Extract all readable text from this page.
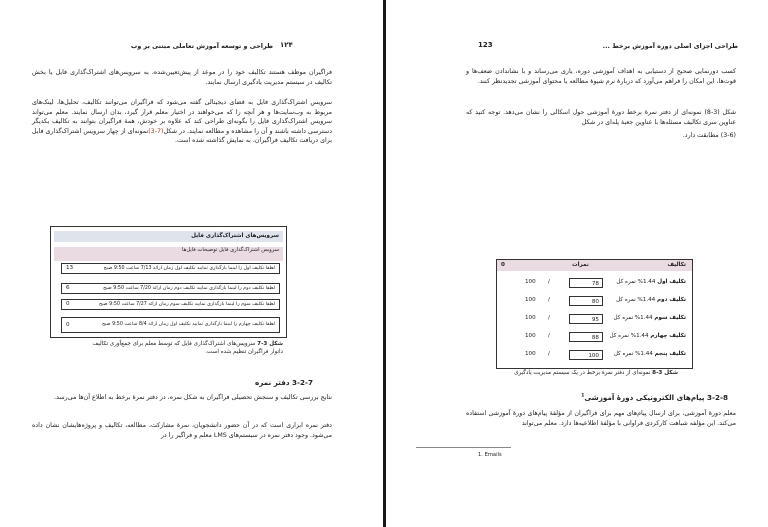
۱۲۴
طراحی و توسعه آموزش تعاملی مبتنی بر وب

فراگیران موظف هستند تکالیف خود را در موعد از پیش‌تعیین‌شده، به سرویس‌های اشتراک‌گذاری فایل یا بخش تکالیف در سیستم مدیریت یادگیری ارسال نمایند.

سرویس اشتراک‌گذاری فایل به فضای دیجیتالی گفته می‌شود که فراگیران می‌توانند تکالیف، تحلیل‌ها، لینک‌های مربوط به وب‌سایت‌ها و هر آنچه را که می‌خواهند در اختیار معلم قرار گیرد، بدان ارسال نمایند. معلم می‌تواند سرویس اشتراک‌گذاری فایل را بگونه‌ای طراحی کند که علاوه بر خودش، همهٔ فراگیران بتوانند به تکالیف یکدیگر دسترسی داشته باشند و آن را مشاهده و مطالعه نمایند. در شکل(7-3)نمونه‌ای از چهار سرویس اشتراک‌گذاری فایل برای دریافت تکالیف فراگیران، به نمایش گذاشته شده است.

سرویس‌های اشتراک‌گذاری فایل
سرویس اشتراک‌گذاری فایل توضیحات فایل‌ها
لطفا تکلیف اول را لینما بارگذاری نمایید تکلیف اول زمان ارائه 7/13 ساعت 9:50 صبح
13
لطفا تکلیف دوم را لینما بارگذاری نمایید تکلیف دوم زمان ارائه 7/20 ساعت 9:50 صبح
6
لطفا تکلیف سوم را لینما بارگذاری نمایید تکلیف سوم زمان ارائه 7/27 ساعت 9:50 صبح
0
لطفا تکلیف چهارم را لینما بارگذاری نمایید تکلیف اول زمان ارائه 8/4 ساعت 9:50 صبح
0
شکل 3-7 سرویس‌های اشتراک‌گذاری فایل که توسط معلم برای جمع‌آوری تکالیف
دانوار فراگیران تنظیم شده است.
3-2-7 دفتر نمره

نتایج بررسی تکالیف و سنجش تحصیلی فراگیران به شکل نمره، در دفتر نمرهٔ برخط به اطلاع آن‌ها می‌رسد.

دفتر نمره ابزاری است که در آن حضور دانشجویان، نمرهٔ مشارکت، مطالعه، تکالیف و پروژه‌هایشان نشان داده می‌شود. وجود دفتر نمره در سیستم‌های LMS معلم و فراگیر را در

123	طراحی اجزای اصلی دوره آموزش برخط ...

کسب دورنمایی صحیح از دستیابی به اهداف آموزشی دوره، یاری می‌رساند و با نشاندادن ضعف‌ها و قوت‌ها، این امکان را فراهم می‌آورد که دربارهٔ نرم شیوهٔ مطالعه یا محتوای آموزشی تجدیدنظر کنند.

شکل (3-8) نمونه‌ای از دفتر نمرهٔ برخط دورهٔ آموزشی حول اسکالی را نشان می‌دهد. توجه کنید که عناوین سری تکالیف مسئله‌ها با عناوین جعبهٔ پله‌ای در شکل

(3-6) مطابقت دارد.

تکالیف
نمرات
0
تکلیف اول 1.44% نمره کل
78
/
100
تکلیف دوم 1.44% نمره کل
80
/
100
تکلیف سوم 1.44% نمره کل
95
/
100
تکلیف چهارم 1.44% نمره کل
88
/
100
تکلیف پنجم 1.44% نمره کل
100
/
100
شکل 3-8 نمونه‌ای از دفتر نمرهٔ برخط در یک سیستم مدیریت یادگیری
3-2-8 پیام‌های الکترونیکی دورهٔ آموزشی$^1$

معلم دورهٔ آموزشی، برای ارسال پیام‌های مهم برای فراگیران از مؤلفهٔ پیام‌های دورهٔ آموزشی استفاده می‌کند. این مؤلفه شباهت کارکردی فراوانی با مؤلفهٔ اطلاعیه‌ها دارد. معلم می‌تواند

1. Emails
